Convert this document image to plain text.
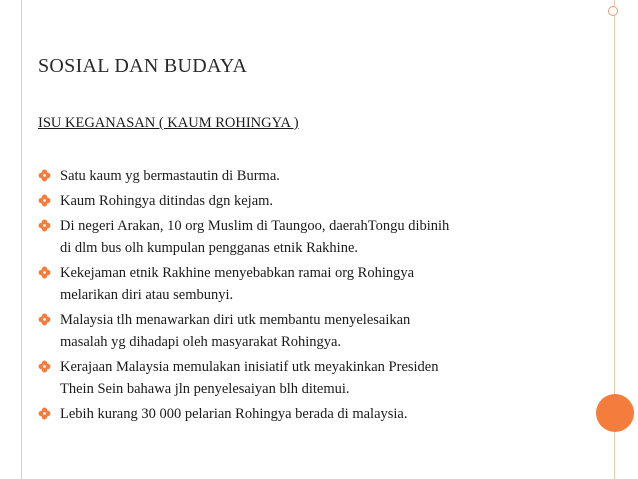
SOSIAL DAN BUDAYA
ISU KEGANASAN ( KAUM ROHINGYA )
Satu kaum yg bermastautin di Burma.
Kaum Rohingya ditindas dgn kejam.
Di negeri Arakan, 10 org Muslim di Taungoo, daerahTongu dibinih
di dlm bus olh kumpulan pengganas etnik Rakhine.
Kekejaman etnik Rakhine menyebabkan ramai org Rohingya
melarikan diri atau sembunyi.
Malaysia tlh menawarkan diri utk membantu menyelesaikan
masalah yg dihadapi oleh masyarakat Rohingya.
Kerajaan Malaysia memulakan inisiatif utk meyakinkan Presiden
Thein Sein bahawa jln penyelesaiyan blh ditemui.
Lebih kurang 30 000 pelarian Rohingya berada di malaysia.
